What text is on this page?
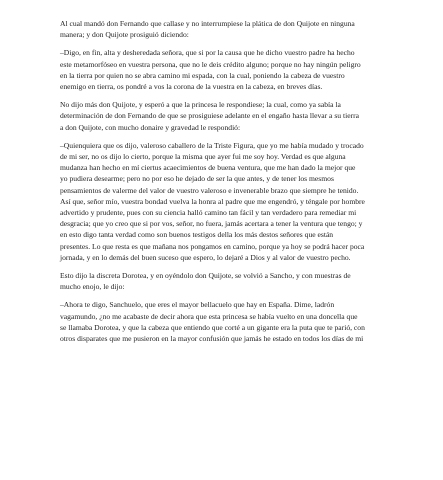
Al cual mandó don Fernando que callase y no interrumpiese la plática de don Quijote en ninguna
manera; y don Quijote prosiguió diciendo:

–Digo, en fin, alta y desheredada señora, que si por la causa que he dicho vuestro padre ha hecho
este metamorfóseo en vuestra persona, que no le deis crédito alguno; porque no hay ningún peligro
en la tierra por quien no se abra camino mi espada, con la cual, poniendo la cabeza de vuestro
enemigo en tierra, os pondré a vos la corona de la vuestra en la cabeza, en breves días.

No dijo más don Quijote, y esperó a que la princesa le respondiese; la cual, como ya sabía la
determinación de don Fernando de que se prosiguiese adelante en el engaño hasta llevar a su tierra
a don Quijote, con mucho donaire y gravedad le respondió:

–Quienquiera que os dijo, valeroso caballero de la Triste Figura, que yo me había mudado y trocado
de mi ser, no os dijo lo cierto, porque la misma que ayer fui me soy hoy. Verdad es que alguna
mudanza han hecho en mí ciertus acaecimientos de buena ventura, que me han dado la mejor que
yo pudiera desearme; pero no por eso he dejado de ser la que antes, y de tener los mesmos
pensamientos de valerme del valor de vuestro valeroso e invenerable brazo que siempre he tenido.
Así que, señor mío, vuestra bondad vuelva la honra al padre que me engendró, y téngale por hombre
advertido y prudente, pues con su ciencia halló camino tan fácil y tan verdadero para remediar mi
desgracia; que yo creo que si por vos, señor, no fuera, jamás acertara a tener la ventura que tengo; y
en esto digo tanta verdad como son buenos testigos della los más destos señores que están
presentes. Lo que resta es que mañana nos pongamos en camino, porque ya hoy se podrá hacer poca
jornada, y en lo demás del buen suceso que espero, lo dejaré a Dios y al valor de vuestro pecho.

Esto dijo la discreta Dorotea, y en oyéndolo don Quijote, se volvió a Sancho, y con muestras de
mucho enojo, le dijo:

–Ahora te digo, Sanchuelo, que eres el mayor bellacuelo que hay en España. Dime, ladrón
vagamundo, ¿no me acabaste de decir ahora que esta princesa se había vuelto en una doncella que
se llamaba Dorotea, y que la cabeza que entiendo que corté a un gigante era la puta que te parió, con
otros disparates que me pusieron en la mayor confusión que jamás he estado en todos los días de mi
